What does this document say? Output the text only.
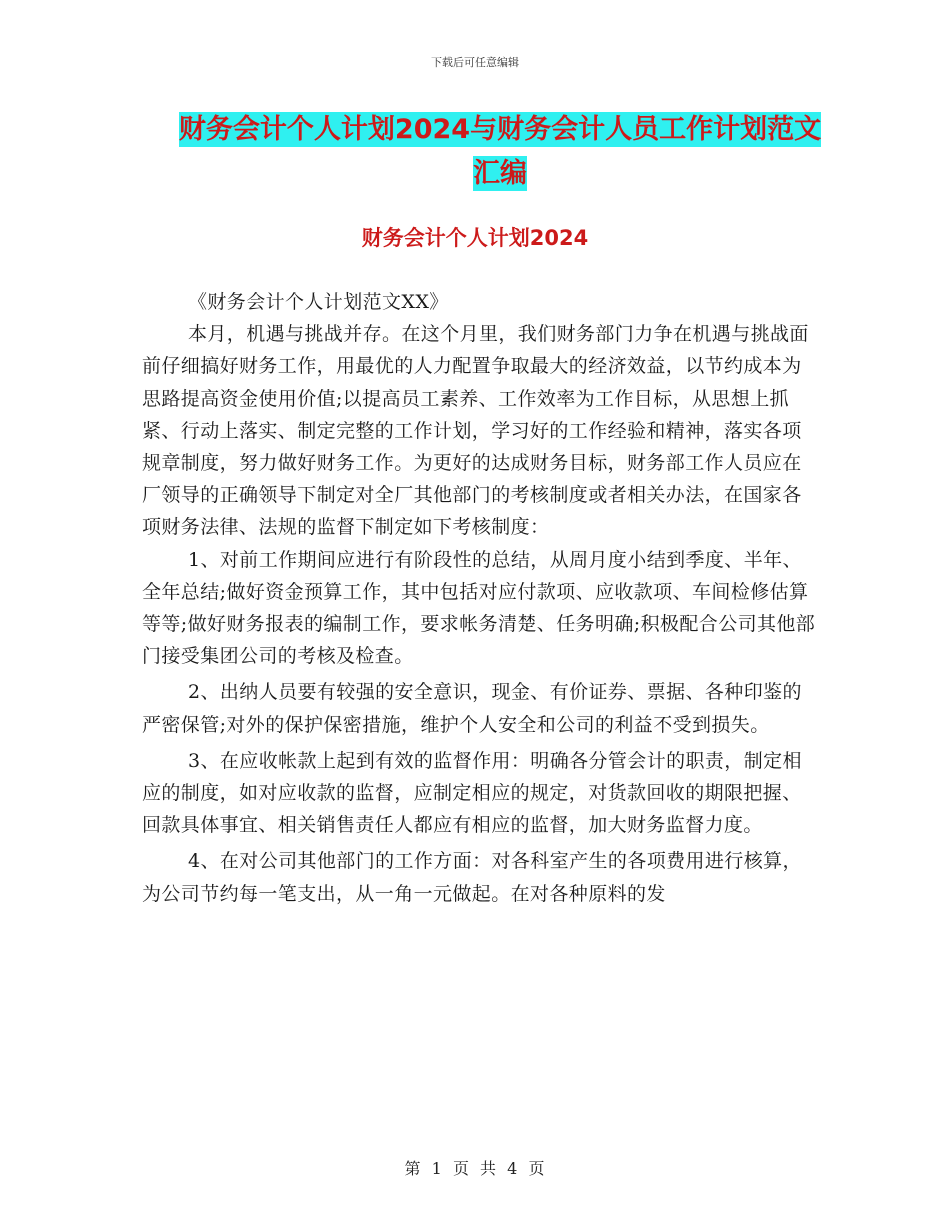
下载后可任意编辑
财务会计个人计划2024与财务会计人员工作计划范文
汇编
财务会计个人计划2024

《财务会计个人计划范文XX》

本月，机遇与挑战并存。在这个月里，我们财务部门力争在机遇与挑战面前仔细搞好财务工作，用最优的人力配置争取最大的经济效益，以节约成本为思路提高资金使用价值;以提高员工素养、工作效率为工作目标，从思想上抓紧、行动上落实、制定完整的工作计划，学习好的工作经验和精神，落实各项规章制度，努力做好财务工作。为更好的达成财务目标，财务部工作人员应在厂领导的正确领导下制定对全厂其他部门的考核制度或者相关办法，在国家各项财务法律、法规的监督下制定如下考核制度：

1、对前工作期间应进行有阶段性的总结，从周月度小结到季度、半年、全年总结;做好资金预算工作，其中包括对应付款项、应收款项、车间检修估算等等;做好财务报表的编制工作，要求帐务清楚、任务明确;积极配合公司其他部门接受集团公司的考核及检查。

2、出纳人员要有较强的安全意识，现金、有价证券、票据、各种印鉴的严密保管;对外的保护保密措施，维护个人安全和公司的利益不受到损失。

3、在应收帐款上起到有效的监督作用：明确各分管会计的职责，制定相应的制度，如对应收款的监督，应制定相应的规定，对货款回收的期限把握、回款具体事宜、相关销售责任人都应有相应的监督，加大财务监督力度。

4、在对公司其他部门的工作方面：对各科室产生的各项费用进行核算，为公司节约每一笔支出，从一角一元做起。在对各种原料的发

第 1 页 共 4 页
